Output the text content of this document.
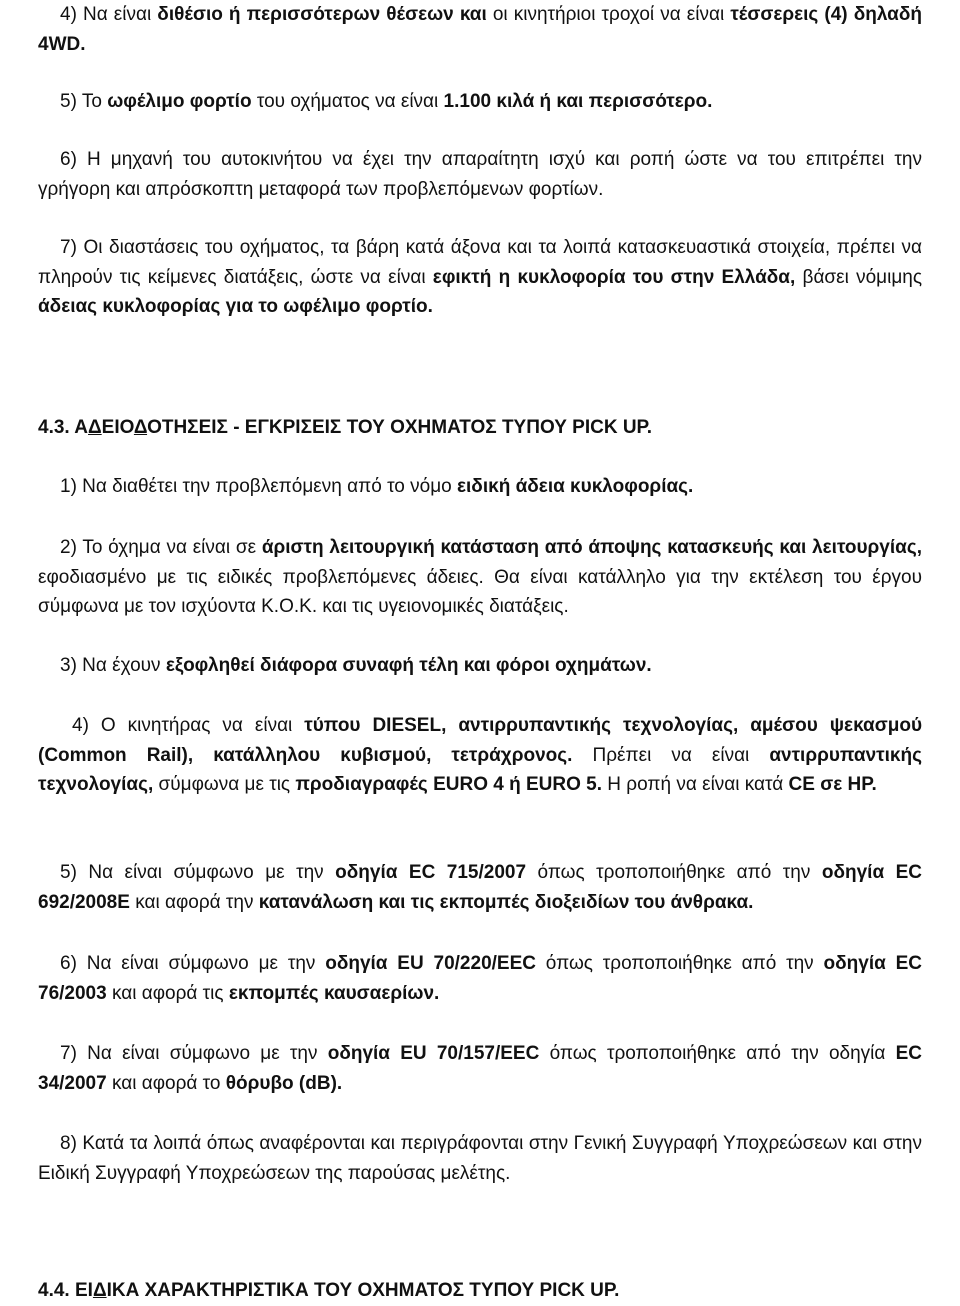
4) Να είναι διθέσιο ή περισσότερων θέσεων και οι κινητήριοι τροχοί να είναι τέσσερεις (4) δηλαδή 4WD.

5) Το ωφέλιμο φορτίο του οχήματος να είναι 1.100 κιλά ή και περισσότερο.

6) Η μηχανή του αυτοκινήτου να έχει την απαραίτητη ισχύ και ροπή ώστε να του επιτρέπει την γρήγορη και απρόσκοπτη μεταφορά των προβλεπόμενων φορτίων.

7) Οι διαστάσεις του οχήματος, τα βάρη κατά άξονα και τα λοιπά κατασκευαστικά στοιχεία, πρέπει να πληρούν τις κείμενες διατάξεις, ώστε να είναι εφικτή η κυκλοφορία του στην Ελλάδα, βάσει νόμιμης άδειας κυκλοφορίας για το ωφέλιμο φορτίο.

4.3. ΑΔΕΙΟΔΟΤΗΣΕΙΣ - ΕΓΚΡΙΣΕΙΣ ΤΟΥ ΟΧΗΜΑΤΟΣ ΤΥΠΟΥ PICK UP.

1) Να διαθέτει την προβλεπόμενη από το νόμο ειδική άδεια κυκλοφορίας.

2) Το όχημα να είναι σε άριστη λειτουργική κατάσταση από άποψης κατασκευής και λειτουργίας, εφοδιασμένο με τις ειδικές προβλεπόμενες άδειες. Θα είναι κατάλληλο για την εκτέλεση του έργου σύμφωνα με τον ισχύοντα Κ.Ο.Κ. και τις υγειονομικές διατάξεις.

3) Να έχουν εξοφληθεί διάφορα συναφή τέλη και φόροι οχημάτων.

4) Ο κινητήρας να είναι τύπου DIESEL, αντιρρυπαντικής τεχνολογίας, αμέσου ψεκασμού (Common Rail), κατάλληλου κυβισμού, τετράχρονος. Πρέπει να είναι αντιρρυπαντικής τεχνολογίας, σύμφωνα με τις προδιαγραφές EURO 4 ή EURO 5. Η ροπή να είναι κατά CE σε HP.

5) Να είναι σύμφωνο με την οδηγία EC 715/2007 όπως τροποποιήθηκε από την οδηγία EC 692/2008E και αφορά την κατανάλωση και τις εκπομπές διοξειδίων του άνθρακα.

6) Να είναι σύμφωνο με την οδηγία EU 70/220/EEC όπως τροποποιήθηκε από την οδηγία EC 76/2003 και αφορά τις εκπομπές καυσαερίων.

7) Να είναι σύμφωνο με την οδηγία EU 70/157/EEC όπως τροποποιήθηκε από την οδηγία EC 34/2007 και αφορά το θόρυβο (dB).

8) Κατά τα λοιπά όπως αναφέρονται και περιγράφονται στην Γενική Συγγραφή Υποχρεώσεων και στην Ειδική Συγγραφή Υποχρεώσεων της παρούσας μελέτης.

4.4. ΕΙΔΙΚΑ ΧΑΡΑΚΤΗΡΙΣΤΙΚΑ ΤΟΥ ΟΧΗΜΑΤΟΣ ΤΥΠΟΥ PICK UP.
